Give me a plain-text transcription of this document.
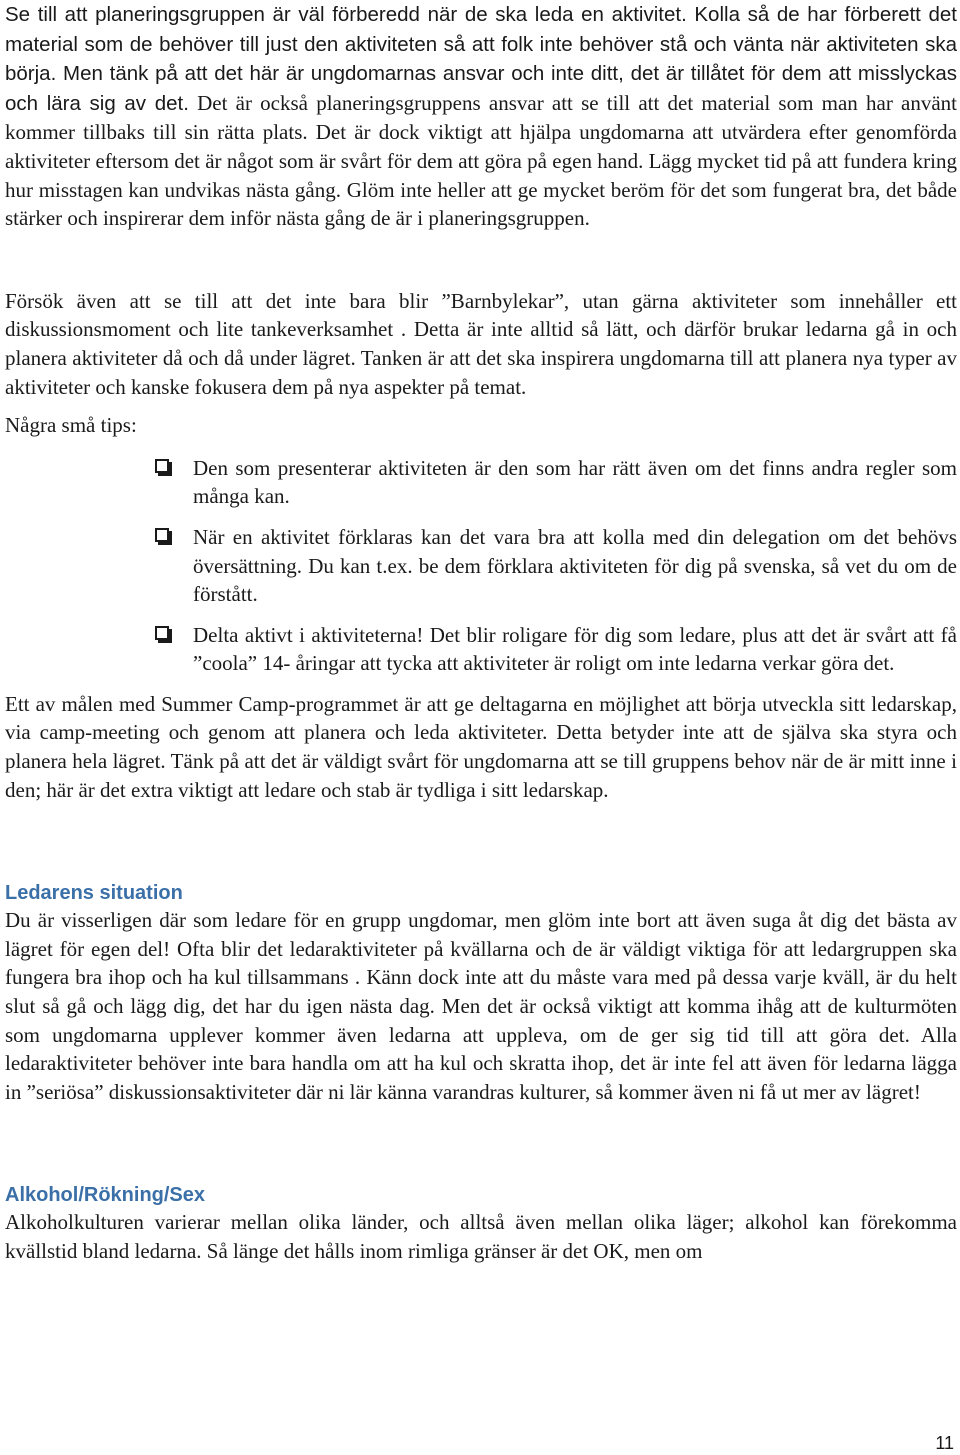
Se till att planeringsgruppen är väl förberedd när de ska leda en aktivitet. Kolla så de har förberett det material som de behöver till just den aktiviteten så att folk inte behöver stå och vänta när aktiviteten ska börja. Men tänk på att det här är ungdomarnas ansvar och inte ditt, det är tillåtet för dem att misslyckas och lära sig av det. Det är också planeringsgruppens ansvar att se till att det material som man har använt kommer tillbaks till sin rätta plats. Det är dock viktigt att hjälpa ungdomarna att utvärdera efter genomförda aktiviteter eftersom det är något som är svårt för dem att göra på egen hand. Lägg mycket tid på att fundera kring hur misstagen kan undvikas nästa gång. Glöm inte heller att ge mycket beröm för det som fungerat bra, det både stärker och inspirerar dem inför nästa gång de är i planeringsgruppen.

Försök även att se till att det inte bara blir ”Barnbylekar”, utan gärna aktiviteter som innehåller ett diskussionsmoment och lite tankeverksamhet . Detta är inte alltid så lätt, och därför brukar ledarna gå in och planera aktiviteter då och då under lägret. Tanken är att det ska inspirera ungdomarna till att planera nya typer av aktiviteter och kanske fokusera dem på nya aspekter på temat.

Några små tips:

Den som presenterar aktiviteten är den som har rätt även om det finns andra regler som många kan.
När en aktivitet förklaras kan det vara bra att kolla med din delegation om det behövs översättning. Du kan t.ex. be dem förklara aktiviteten för dig på svenska, så vet du om de förstått.
Delta aktivt i aktiviteterna! Det blir roligare för dig som ledare, plus att det är svårt att få ”coola” 14- åringar att tycka att aktiviteter är roligt om inte ledarna verkar göra det.

Ett av målen med Summer Camp-programmet är att ge deltagarna en möjlighet att börja utveckla sitt ledarskap, via camp-meeting och genom att planera och leda aktiviteter. Detta betyder inte att de själva ska styra och planera hela lägret. Tänk på att det är väldigt svårt för ungdomarna att se till gruppens behov när de är mitt inne i den; här är det extra viktigt att ledare och stab är tydliga i sitt ledarskap.

Ledarens situation

Du är visserligen där som ledare för en grupp ungdomar, men glöm inte bort att även suga åt dig det bästa av lägret för egen del! Ofta blir det ledaraktiviteter på kvällarna och de är väldigt viktiga för att ledargruppen ska fungera bra ihop och ha kul tillsammans . Känn dock inte att du måste vara med på dessa varje kväll, är du helt slut så gå och lägg dig, det har du igen nästa dag. Men det är också viktigt att komma ihåg att de kulturmöten som ungdomarna upplever kommer även ledarna att uppleva, om de ger sig tid till att göra det. Alla ledaraktiviteter behöver inte bara handla om att ha kul och skratta ihop, det är inte fel att även för ledarna lägga in ”seriösa” diskussionsaktiviteter där ni lär känna varandras kulturer, så kommer även ni få ut mer av lägret!

Alkohol/Rökning/Sex

Alkoholkulturen varierar mellan olika länder, och alltså även mellan olika läger; alkohol kan förekomma kvällstid bland ledarna. Så länge det hålls inom rimliga gränser är det OK, men om

11
